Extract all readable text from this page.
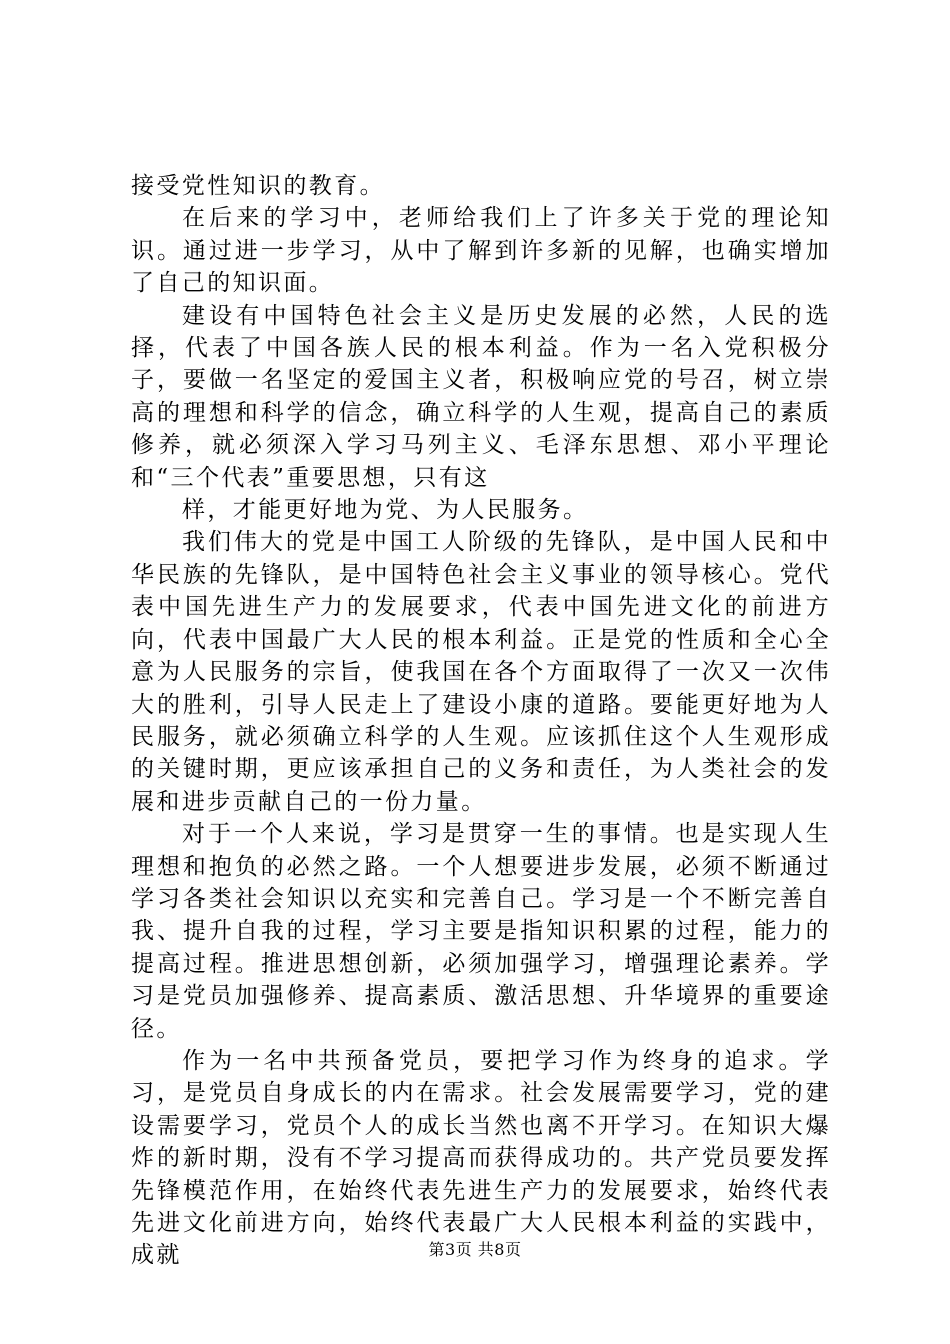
接受党性知识的教育。

在后来的学习中，老师给我们上了许多关于党的理论知识。通过进一步学习，从中了解到许多新的见解，也确实增加了自己的知识面。

建设有中国特色社会主义是历史发展的必然，人民的选择，代表了中国各族人民的根本利益。作为一名入党积极分子，要做一名坚定的爱国主义者，积极响应党的号召，树立崇高的理想和科学的信念，确立科学的人生观，提高自己的素质修养，就必须深入学习马列主义、毛泽东思想、邓小平理论和“三个代表”重要思想，只有这

样，才能更好地为党、为人民服务。

我们伟大的党是中国工人阶级的先锋队，是中国人民和中华民族的先锋队，是中国特色社会主义事业的领导核心。党代表中国先进生产力的发展要求，代表中国先进文化的前进方向，代表中国最广大人民的根本利益。正是党的性质和全心全意为人民服务的宗旨，使我国在各个方面取得了一次又一次伟大的胜利，引导人民走上了建设小康的道路。要能更好地为人民服务，就必须确立科学的人生观。应该抓住这个人生观形成的关键时期，更应该承担自己的义务和责任，为人类社会的发展和进步贡献自己的一份力量。

对于一个人来说，学习是贯穿一生的事情。也是实现人生理想和抱负的必然之路。一个人想要进步发展，必须不断通过学习各类社会知识以充实和完善自己。学习是一个不断完善自我、提升自我的过程，学习主要是指知识积累的过程，能力的提高过程。推进思想创新，必须加强学习，增强理论素养。学习是党员加强修养、提高素质、激活思想、升华境界的重要途径。

作为一名中共预备党员，要把学习作为终身的追求。学习，是党员自身成长的内在需求。社会发展需要学习，党的建设需要学习，党员个人的成长当然也离不开学习。在知识大爆炸的新时期，没有不学习提高而获得成功的。共产党员要发挥先锋模范作用，在始终代表先进生产力的发展要求，始终代表先进文化前进方向，始终代表最广大人民根本利益的实践中，成就	第3页 共8页
